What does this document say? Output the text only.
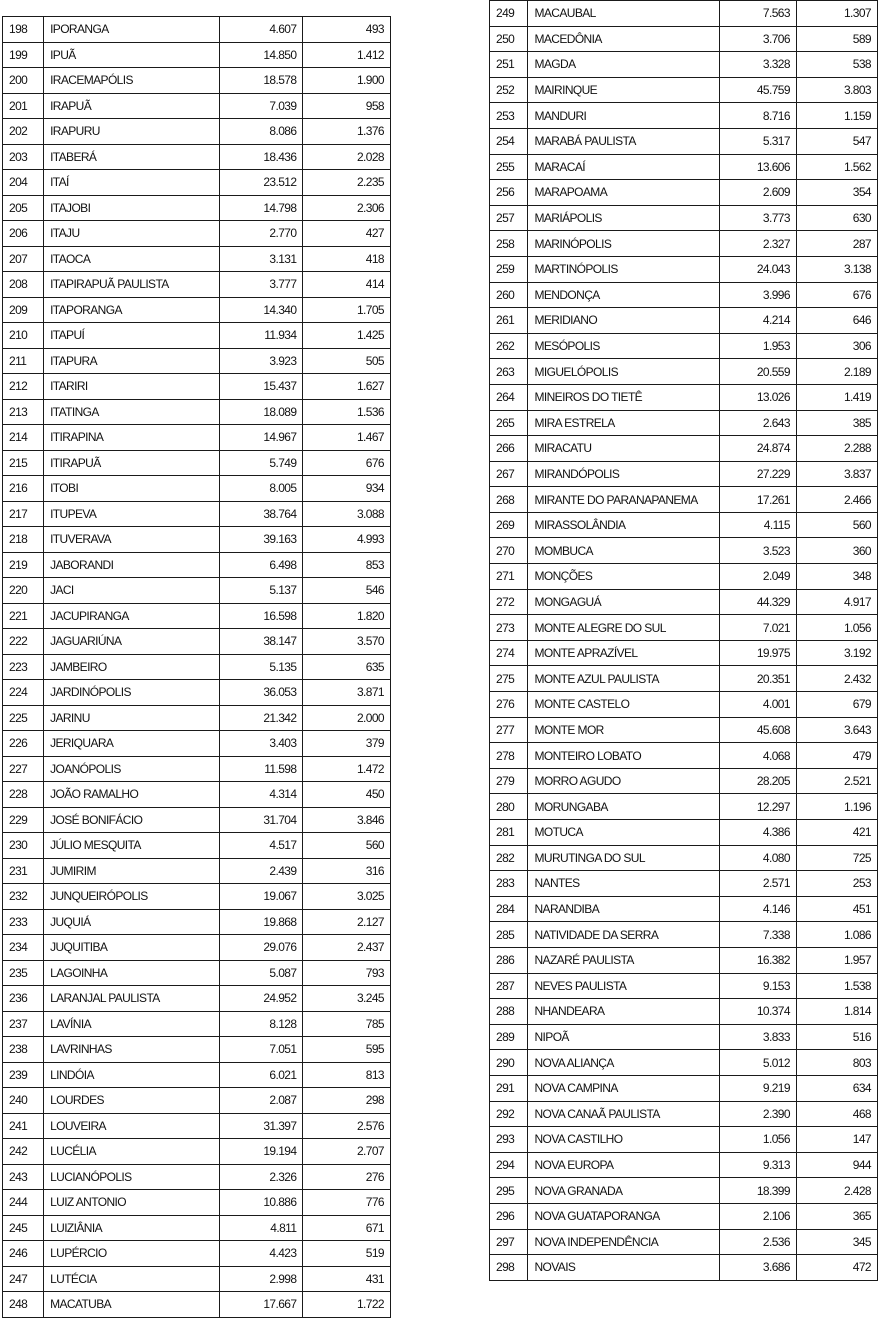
198	IPORANGA	4.607	493
199	IPUÃ	14.850	1.412
200	IRACEMAPÓLIS	18.578	1.900
201	IRAPUÃ	7.039	958
202	IRAPURU	8.086	1.376
203	ITABERÁ	18.436	2.028
204	ITAÍ	23.512	2.235
205	ITAJOBI	14.798	2.306
206	ITAJU	2.770	427
207	ITAOCA	3.131	418
208	ITAPIRAPUÃ PAULISTA	3.777	414
209	ITAPORANGA	14.340	1.705
210	ITAPUÍ	11.934	1.425
211	ITAPURA	3.923	505
212	ITARIRI	15.437	1.627
213	ITATINGA	18.089	1.536
214	ITIRAPINA	14.967	1.467
215	ITIRAPUÃ	5.749	676
216	ITOBI	8.005	934
217	ITUPEVA	38.764	3.088
218	ITUVERAVA	39.163	4.993
219	JABORANDI	6.498	853
220	JACI	5.137	546
221	JACUPIRANGA	16.598	1.820
222	JAGUARIÚNA	38.147	3.570
223	JAMBEIRO	5.135	635
224	JARDINÓPOLIS	36.053	3.871
225	JARINU	21.342	2.000
226	JERIQUARA	3.403	379
227	JOANÓPOLIS	11.598	1.472
228	JOÃO RAMALHO	4.314	450
229	JOSÉ BONIFÁCIO	31.704	3.846
230	JÚLIO MESQUITA	4.517	560
231	JUMIRIM	2.439	316
232	JUNQUEIRÓPOLIS	19.067	3.025
233	JUQUIÁ	19.868	2.127
234	JUQUITIBA	29.076	2.437
235	LAGOINHA	5.087	793
236	LARANJAL PAULISTA	24.952	3.245
237	LAVÍNIA	8.128	785
238	LAVRINHAS	7.051	595
239	LINDÓIA	6.021	813
240	LOURDES	2.087	298
241	LOUVEIRA	31.397	2.576
242	LUCÉLIA	19.194	2.707
243	LUCIANÓPOLIS	2.326	276
244	LUIZ ANTONIO	10.886	776
245	LUIZIÂNIA	4.811	671
246	LUPÉRCIO	4.423	519
247	LUTÉCIA	2.998	431
248	MACATUBA	17.667	1.722
249	MACAUBAL	7.563	1.307
250	MACEDÔNIA	3.706	589
251	MAGDA	3.328	538
252	MAIRINQUE	45.759	3.803
253	MANDURI	8.716	1.159
254	MARABÁ PAULISTA	5.317	547
255	MARACAÍ	13.606	1.562
256	MARAPOAMA	2.609	354
257	MARIÁPOLIS	3.773	630
258	MARINÓPOLIS	2.327	287
259	MARTINÓPOLIS	24.043	3.138
260	MENDONÇA	3.996	676
261	MERIDIANO	4.214	646
262	MESÓPOLIS	1.953	306
263	MIGUELÓPOLIS	20.559	2.189
264	MINEIROS DO TIETÊ	13.026	1.419
265	MIRA ESTRELA	2.643	385
266	MIRACATU	24.874	2.288
267	MIRANDÓPOLIS	27.229	3.837
268	MIRANTE DO PARANAPANEMA	17.261	2.466
269	MIRASSOLÂNDIA	4.115	560
270	MOMBUCA	3.523	360
271	MONÇÕES	2.049	348
272	MONGAGUÁ	44.329	4.917
273	MONTE ALEGRE DO SUL	7.021	1.056
274	MONTE APRAZÍVEL	19.975	3.192
275	MONTE AZUL PAULISTA	20.351	2.432
276	MONTE CASTELO	4.001	679
277	MONTE MOR	45.608	3.643
278	MONTEIRO LOBATO	4.068	479
279	MORRO AGUDO	28.205	2.521
280	MORUNGABA	12.297	1.196
281	MOTUCA	4.386	421
282	MURUTINGA DO SUL	4.080	725
283	NANTES	2.571	253
284	NARANDIBA	4.146	451
285	NATIVIDADE DA SERRA	7.338	1.086
286	NAZARÉ PAULISTA	16.382	1.957
287	NEVES PAULISTA	9.153	1.538
288	NHANDEARA	10.374	1.814
289	NIPOÃ	3.833	516
290	NOVA ALIANÇA	5.012	803
291	NOVA CAMPINA	9.219	634
292	NOVA CANAÃ PAULISTA	2.390	468
293	NOVA CASTILHO	1.056	147
294	NOVA EUROPA	9.313	944
295	NOVA GRANADA	18.399	2.428
296	NOVA GUATAPORANGA	2.106	365
297	NOVA INDEPENDÊNCIA	2.536	345
298	NOVAIS	3.686	472
